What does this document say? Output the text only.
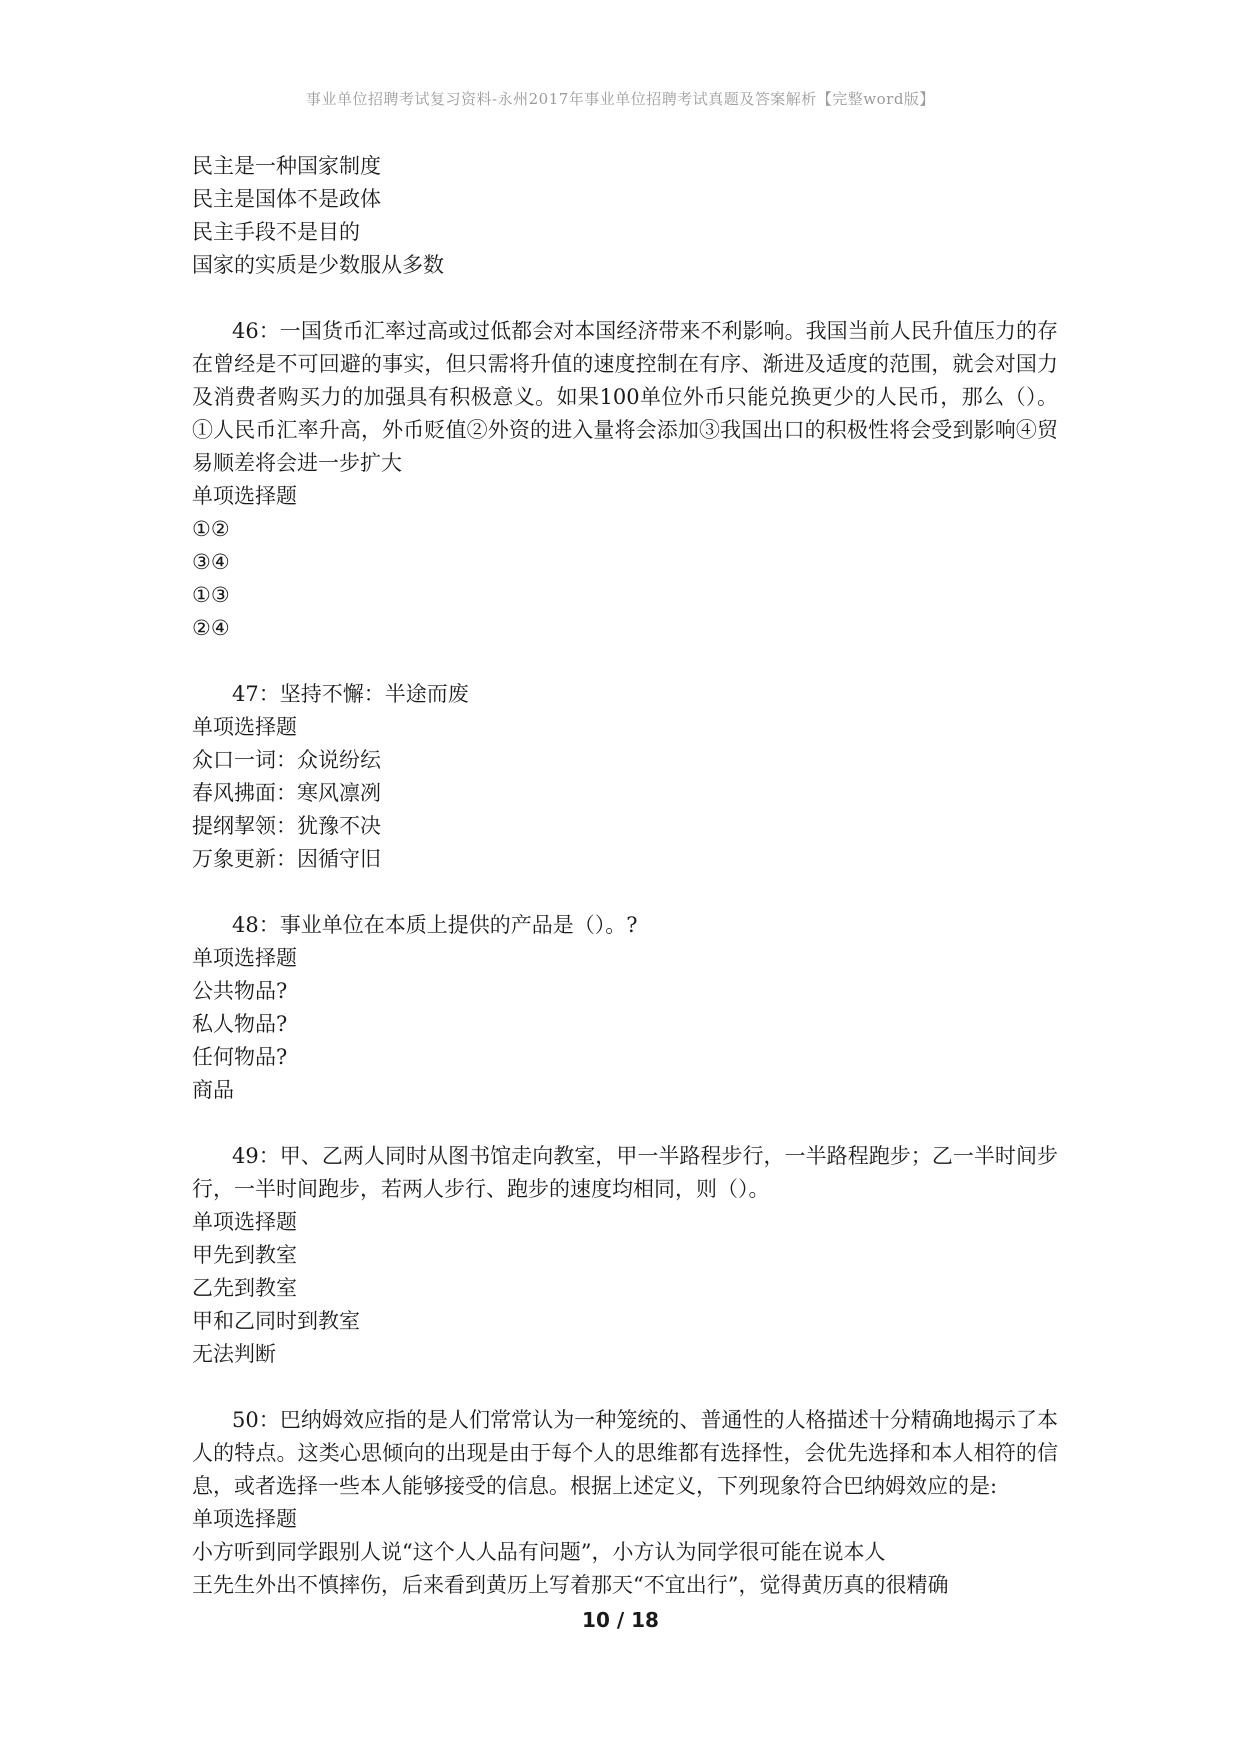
事业单位招聘考试复习资料-永州2017年事业单位招聘考试真题及答案解析【完整word版】
民主是一种国家制度
民主是国体不是政体
民主手段不是目的
国家的实质是少数服从多数
46：一国货币汇率过高或过低都会对本国经济带来不利影响。我国当前人民升值压力的存在曾经是不可回避的事实，但只需将升值的速度控制在有序、渐进及适度的范围，就会对国力及消费者购买力的加强具有积极意义。如果100单位外币只能兑换更少的人民币，那么（）。①人民币汇率升高，外币贬值②外资的进入量将会添加③我国出口的积极性将会受到影响④贸易顺差将会进一步扩大
单项选择题
①②
③④
①③
②④
47：坚持不懈：半途而废
单项选择题
众口一词：众说纷纭
春风拂面：寒风凛冽
提纲挈领：犹豫不决
万象更新：因循守旧
48：事业单位在本质上提供的产品是（）。?
单项选择题
公共物品?
私人物品?
任何物品?
商品
49：甲、乙两人同时从图书馆走向教室，甲一半路程步行，一半路程跑步；乙一半时间步行，一半时间跑步，若两人步行、跑步的速度均相同，则（）。
单项选择题
甲先到教室
乙先到教室
甲和乙同时到教室
无法判断
50：巴纳姆效应指的是人们常常认为一种笼统的、普通性的人格描述十分精确地揭示了本人的特点。这类心思倾向的出现是由于每个人的思维都有选择性，会优先选择和本人相符的信息，或者选择一些本人能够接受的信息。根据上述定义，下列现象符合巴纳姆效应的是:
单项选择题
小方听到同学跟别人说“这个人人品有问题”，小方认为同学很可能在说本人
王先生外出不慎摔伤，后来看到黄历上写着那天“不宜出行”，觉得黄历真的很精确
10 / 18
